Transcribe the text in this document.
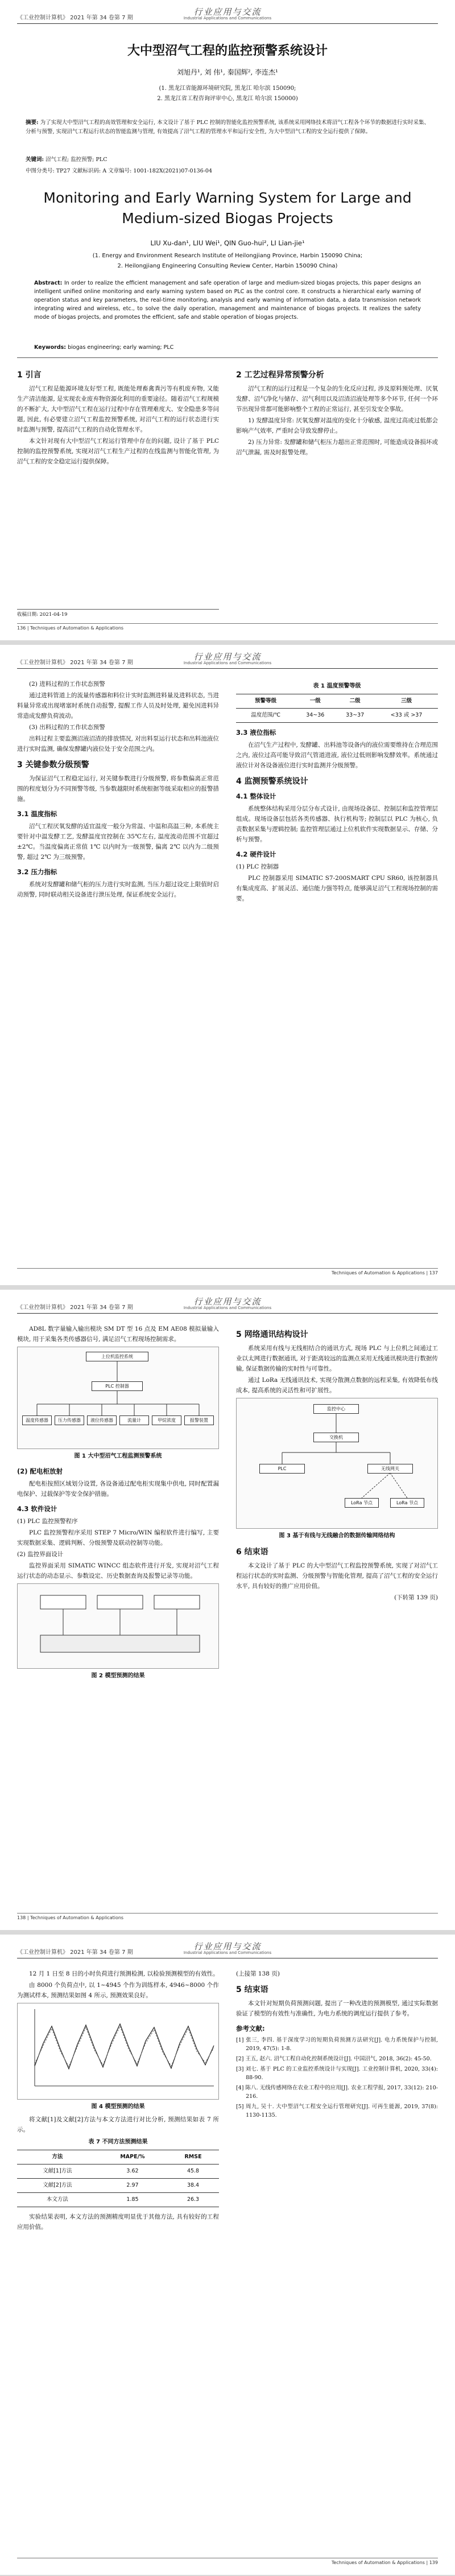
《工业控制计算机》 2021 年第 34 卷第 7 期
行业应用与交流
Industrial Applications and Communications
大中型沼气工程的监控预警系统设计
刘旭丹¹, 刘 伟¹, 秦国辉², 李连杰¹
(1. 黑龙江省能源环境研究院, 黑龙江 哈尔滨 150090;
2. 黑龙江省工程咨询评审中心, 黑龙江 哈尔滨 150000)
摘要: 为了实现大中型沼气工程的高效管理和安全运行, 本文设计了基于 PLC 控制的智能化监控预警系统, 该系统采用网络技术将沼气工程各个环节的数据进行实时采集、分析与预警, 实现沼气工程运行状态的智能监测与管理, 有效提高了沼气工程的管理水平和运行安全性, 为大中型沼气工程的安全运行提供了保障。
关键词: 沼气工程; 监控预警; PLC
中图分类号: TP27 文献标识码: A 文章编号: 1001-182X(2021)07-0136-04
Monitoring and Early Warning System for Large and Medium-sized Biogas Projects
LIU Xu-dan¹, LIU Wei¹, QIN Guo-hui², LI Lian-jie¹
(1. Energy and Environment Research Institute of Heilongjiang Province, Harbin 150090 China;
2. Heilongjiang Engineering Consulting Review Center, Harbin 150090 China)
Abstract: In order to realize the efficient management and safe operation of large and medium-sized biogas projects, this paper designs an intelligent unified online monitoring and early warning system based on PLC as the control core. It constructs a hierarchical early warning of operation status and key parameters, the real-time monitoring, analysis and early warning of information data, a data transmission network integrating wired and wireless, etc., to solve the daily operation, management and maintenance of biogas projects. It realizes the safety mode of biogas projects, and promotes the efficient, safe and stable operation of biogas projects.
Keywords: biogas engineering; early warning; PLC
1 引言

沼气工程是能源环境友好型工程, 既能处理畜禽粪污等有机废弃物, 又能生产清洁能源, 是实现农业废弃物资源化利用的重要途径。随着沼气工程规模的不断扩大, 大中型沼气工程在运行过程中存在管理难度大、安全隐患多等问题, 因此, 有必要建立沼气工程监控预警系统, 对沼气工程的运行状态进行实时监测与预警, 提高沼气工程的自动化管理水平。

本文针对现有大中型沼气工程运行管理中存在的问题, 设计了基于 PLC 控制的监控预警系统, 实现对沼气工程生产过程的在线监测与智能化管理, 为沼气工程的安全稳定运行提供保障。

收稿日期: 2021-04-19
2 工艺过程异常预警分析

沼气工程的运行过程是一个复杂的生化反应过程, 涉及原料预处理、厌氧发酵、沼气净化与储存、沼气利用以及沼渣沼液处理等多个环节, 任何一个环节出现异常都可能影响整个工程的正常运行, 甚至引发安全事故。

1) 发酵温度异常: 厌氧发酵对温度的变化十分敏感, 温度过高或过低都会影响产气效率, 严重时会导致发酵停止。

2) 压力异常: 发酵罐和储气柜压力超出正常范围时, 可能造成设备损坏或沼气泄漏, 需及时报警处理。

136 | Techniques of Automation & Applications
《工业控制计算机》 2021 年第 34 卷第 7 期
行业应用与交流
Industrial Applications and Communications

(2) 进料过程的工作状态预警

通过进料管道上的流量传感器和料位计实时监测进料量及进料状态, 当进料量异常或出现堵塞时系统自动报警, 提醒工作人员及时处理, 避免因进料异常造成发酵负荷波动。

(3) 出料过程的工作状态预警

出料过程主要监测沼液沼渣的排放情况, 对出料泵运行状态和出料池液位进行实时监测, 确保发酵罐内液位处于安全范围之内。

3 关键参数分级预警

为保证沼气工程稳定运行, 对关键参数进行分级预警, 将参数偏离正常范围的程度划分为不同预警等级, 当参数越限时系统根据等级采取相应的报警措施。

3.1 温度指标

沼气工程厌氧发酵的适宜温度一般分为常温、中温和高温三种, 本系统主要针对中温发酵工艺, 发酵温度宜控制在 35℃左右, 温度波动范围不宜超过 ±2℃。当温度偏离正常值 1℃ 以内时为一级预警, 偏离 2℃ 以内为二级预警, 超过 2℃ 为三级预警。

3.2 压力指标

系统对发酵罐和储气柜的压力进行实时监测, 当压力超过设定上限值时启动预警, 同时联动相关设备进行泄压处理, 保证系统安全运行。

表 1 温度预警等级
预警等级	一级	二级	三级
温度范围/℃	34~36	33~37	<33 或 >37
3.3 液位指标

在沼气生产过程中, 发酵罐、出料池等设备内的液位需要维持在合理范围之内, 液位过高可能导致沼气管道进液, 液位过低则影响发酵效率。系统通过液位计对各设备液位进行实时监测并分级预警。

4 监测预警系统设计
4.1 整体设计

系统整体结构采用分层分布式设计, 由现场设备层、控制层和监控管理层组成。现场设备层包括各类传感器、执行机构等; 控制层以 PLC 为核心, 负责数据采集与逻辑控制; 监控管理层通过上位机软件实现数据显示、存储、分析与预警。

4.2 硬件设计

(1) PLC 控制器

PLC 控制器采用 SIMATIC S7-200SMART CPU SR60, 该控制器具有集成度高、扩展灵活、通信能力强等特点, 能够满足沼气工程现场控制的需要。

Techniques of Automation & Applications | 137
《工业控制计算机》 2021 年第 34 卷第 7 期
行业应用与交流
Industrial Applications and Communications

AD8L 数字量输入输出模块 SM DT 型 16 点及 EM AE08 模拟量输入模块, 用于采集各类传感器信号, 满足沼气工程现场控制需求。

上位机监控系统
PLC 控制器
温度传感器	压力传感器	液位传感器	流量计	甲烷浓度	报警装置
图 1 大中型沼气工程监测预警系统
(2) 配电柜放射

配电柜按照区域划分设置, 各设备通过配电柜实现集中供电, 同时配置漏电保护、过载保护等安全保护措施。

4.3 软件设计

(1) PLC 监控预警程序

PLC 监控预警程序采用 STEP 7 Micro/WIN 编程软件进行编写, 主要实现数据采集、逻辑判断、分级预警及联动控制等功能。

(2) 监控界面设计

监控界面采用 SIMATIC WINCC 组态软件进行开发, 实现对沼气工程运行状态的动态显示、参数设定、历史数据查询及报警记录等功能。

图 2 模型预测的结果
5 网络通讯结构设计

系统采用有线与无线相结合的通讯方式, 现场 PLC 与上位机之间通过工业以太网进行数据通讯, 对于距离较远的监测点采用无线通讯模块进行数据传输, 保证数据传输的实时性与可靠性。

通过 LoRa 无线通讯技术, 实现分散测点数据的远程采集, 有效降低布线成本, 提高系统的灵活性和可扩展性。

监控中心
交换机
PLC	无线网关
LoRa 节点	LoRa 节点
图 3 基于有线与无线融合的数据传输网络结构
6 结束语

本文设计了基于 PLC 的大中型沼气工程监控预警系统, 实现了对沼气工程运行状态的实时监测、分级预警与智能化管理, 提高了沼气工程的安全运行水平, 具有较好的推广应用价值。

(下转第 139 页)

138 | Techniques of Automation & Applications
《工业控制计算机》 2021 年第 34 卷第 7 期
行业应用与交流
Industrial Applications and Communications

12 月 1 日至 8 日的小时负荷进行预测检测, 以检验预测模型的有效性。

由 8000 个负荷点中, 以 1~4945 个作为训练样本, 4946~8000 个作为测试样本, 预测结果如图 4 所示, 预测效果良好。

图 4 模型预测的结果

将文献[1]及文献[2]方法与本文方法进行对比分析, 预测结果如表 7 所示。

表 7 不同方法预测结果
方法	MAPE/%	RMSE
文献[1]方法	3.62	45.8
文献[2]方法	2.97	38.4
本文方法	1.85	26.3

实验结果表明, 本文方法的预测精度明显优于其他方法, 具有较好的工程应用价值。

(上接第 138 页)

5 结束语

本文针对短期负荷预测问题, 提出了一种改进的预测模型, 通过实际数据验证了模型的有效性与准确性, 为电力系统的调度运行提供了参考。

参考文献:

[1] 张三, 李四. 基于深度学习的短期负荷预测方法研究[J]. 电力系统保护与控制, 2019, 47(5): 1-8.

[2] 王五, 赵六. 沼气工程自动化控制系统设计[J]. 中国沼气, 2018, 36(2): 45-50.

[3] 刘七. 基于 PLC 的工业监控系统设计与实现[J]. 工业控制计算机, 2020, 33(4): 88-90.

[4] 陈八. 无线传感网络在农业工程中的应用[J]. 农业工程学报, 2017, 33(12): 210-216.

[5] 周九, 吴十. 大中型沼气工程安全运行管理研究[J]. 可再生能源, 2019, 37(8): 1130-1135.

Techniques of Automation & Applications | 139
